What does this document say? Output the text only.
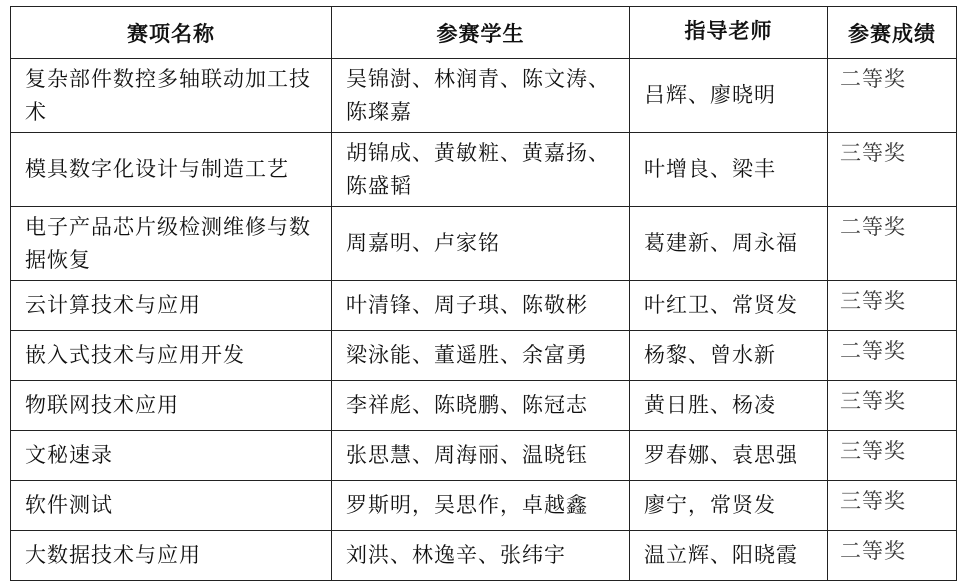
赛项名称	参赛学生	指导老师	参赛成绩
复杂部件数控多轴联动加工技术	吴锦澍、林润青、陈文涛、陈璨嘉	吕辉、廖晓明	二等奖
模具数字化设计与制造工艺	胡锦成、黄敏粧、黄嘉扬、陈盛韬	叶增良、梁丰	三等奖
电子产品芯片级检测维修与数据恢复	周嘉明、卢家铭	葛建新、周永福	二等奖
云计算技术与应用	叶清锋、周子琪、陈敬彬	叶红卫、常贤发	三等奖
嵌入式技术与应用开发	梁泳能、董遥胜、余富勇	杨黎、曾水新	二等奖
物联网技术应用	李祥彪、陈晓鹏、陈冠志	黄日胜、杨凌	三等奖
文秘速录	张思慧、周海丽、温晓钰	罗春娜、袁思强	三等奖
软件测试	罗斯明，吴思作，卓越鑫	廖宁，常贤发	三等奖
大数据技术与应用	刘洪、林逸辛、张纬宇	温立辉、阳晓霞	二等奖
